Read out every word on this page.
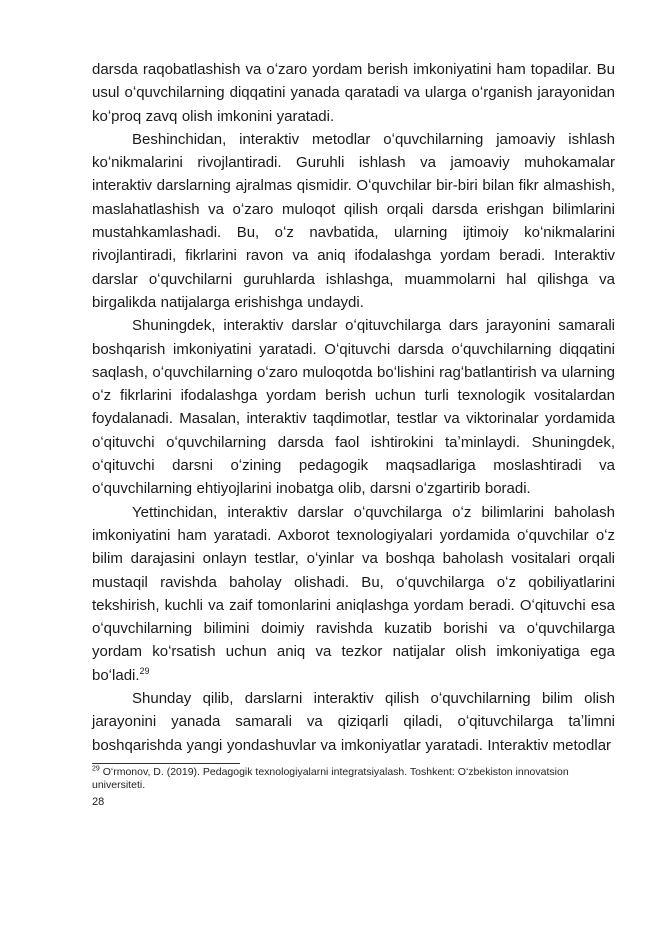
darsda raqobatlashish va oʻzaro yordam berish imkoniyatini ham topadilar. Bu usul oʻquvchilarning diqqatini yanada qaratadi va ularga oʻrganish jarayonidan koʻproq zavq olish imkonini yaratadi.

Beshinchidan, interaktiv metodlar oʻquvchilarning jamoaviy ishlash koʻnikmalarini rivojlantiradi. Guruhli ishlash va jamoaviy muhokamalar interaktiv darslarning ajralmas qismidir. Oʻquvchilar bir-biri bilan fikr almashish, maslahatlashish va oʻzaro muloqot qilish orqali darsda erishgan bilimlarini mustahkamlashadi. Bu, oʻz navbatida, ularning ijtimoiy koʻnikmalarini rivojlantiradi, fikrlarini ravon va aniq ifodalashga yordam beradi. Interaktiv darslar oʻquvchilarni guruhlarda ishlashga, muammolarni hal qilishga va birgalikda natijalarga erishishga undaydi.

Shuningdek, interaktiv darslar oʻqituvchilarga dars jarayonini samarali boshqarish imkoniyatini yaratadi. Oʻqituvchi darsda oʻquvchilarning diqqatini saqlash, oʻquvchilarning oʻzaro muloqotda boʻlishini ragʻbatlantirish va ularning oʻz fikrlarini ifodalashga yordam berish uchun turli texnologik vositalardan foydalanadi. Masalan, interaktiv taqdimotlar, testlar va viktorinalar yordamida oʻqituvchi oʻquvchilarning darsda faol ishtirokini taʼminlaydi. Shuningdek, oʻqituvchi darsni oʻzining pedagogik maqsadlariga moslashtiradi va oʻquvchilarning ehtiyojlarini inobatga olib, darsni oʻzgartirib boradi.

Yettinchidan, interaktiv darslar oʻquvchilarga oʻz bilimlarini baholash imkoniyatini ham yaratadi. Axborot texnologiyalari yordamida oʻquvchilar oʻz bilim darajasini onlayn testlar, oʻyinlar va boshqa baholash vositalari orqali mustaqil ravishda baholay olishadi. Bu, oʻquvchilarga oʻz qobiliyatlarini tekshirish, kuchli va zaif tomonlarini aniqlashga yordam beradi. Oʻqituvchi esa oʻquvchilarning bilimini doimiy ravishda kuzatib borishi va oʻquvchilarga yordam koʻrsatish uchun aniq va tezkor natijalar olish imkoniyatiga ega boʻladi.$^{29}$

Shunday qilib, darslarni interaktiv qilish oʻquvchilarning bilim olish jarayonini yanada samarali va qiziqarli qiladi, oʻqituvchilarga taʼlimni boshqarishda yangi yondashuvlar va imkoniyatlar yaratadi. Interaktiv metodlar

$^{29}$ Oʻrmonov, D. (2019). Pedagogik texnologiyalarni integratsiyalash. Toshkent: Oʻzbekiston innovatsion universiteti.
28
